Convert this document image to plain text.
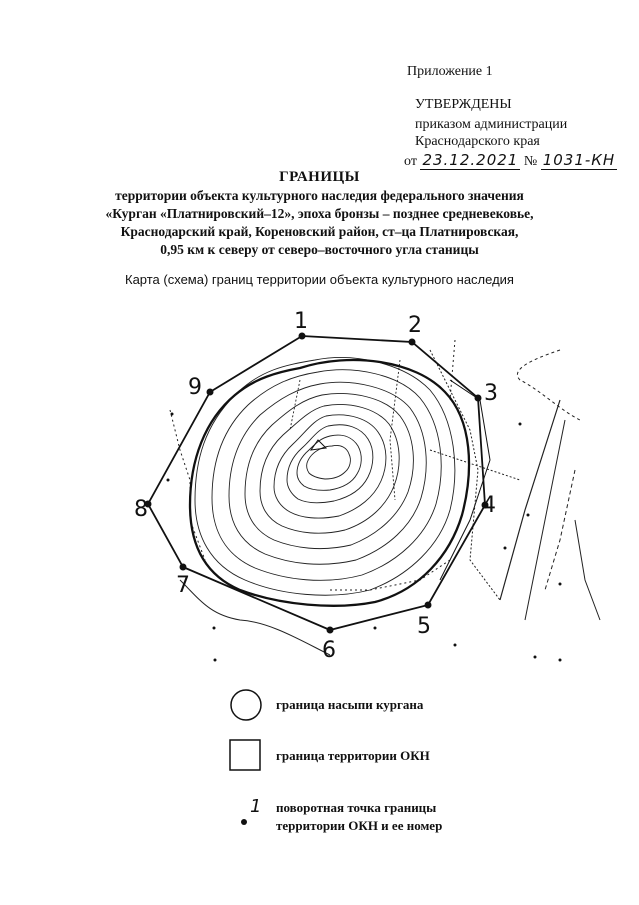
Приложение 1
УТВЕРЖДЕНЫ
приказом администрации
Краснодарского края
от 23.12.2021 № 1031-КН
ГРАНИЦЫ
территории объекта культурного наследия федерального значения
«Курган «Платнировский–12», эпоха бронзы – позднее средневековье,
Краснодарский край, Кореновский район, ст–ца Платнировская,
0,95 км к северу от северо–восточного угла станицы
Карта (схема) границ территории объекта культурного наследия
1	2
3
4
5
6
7
8
9
граница насыпи кургана
граница территории ОКН
1 поворотная точка границы
территории ОКН и ее номер
